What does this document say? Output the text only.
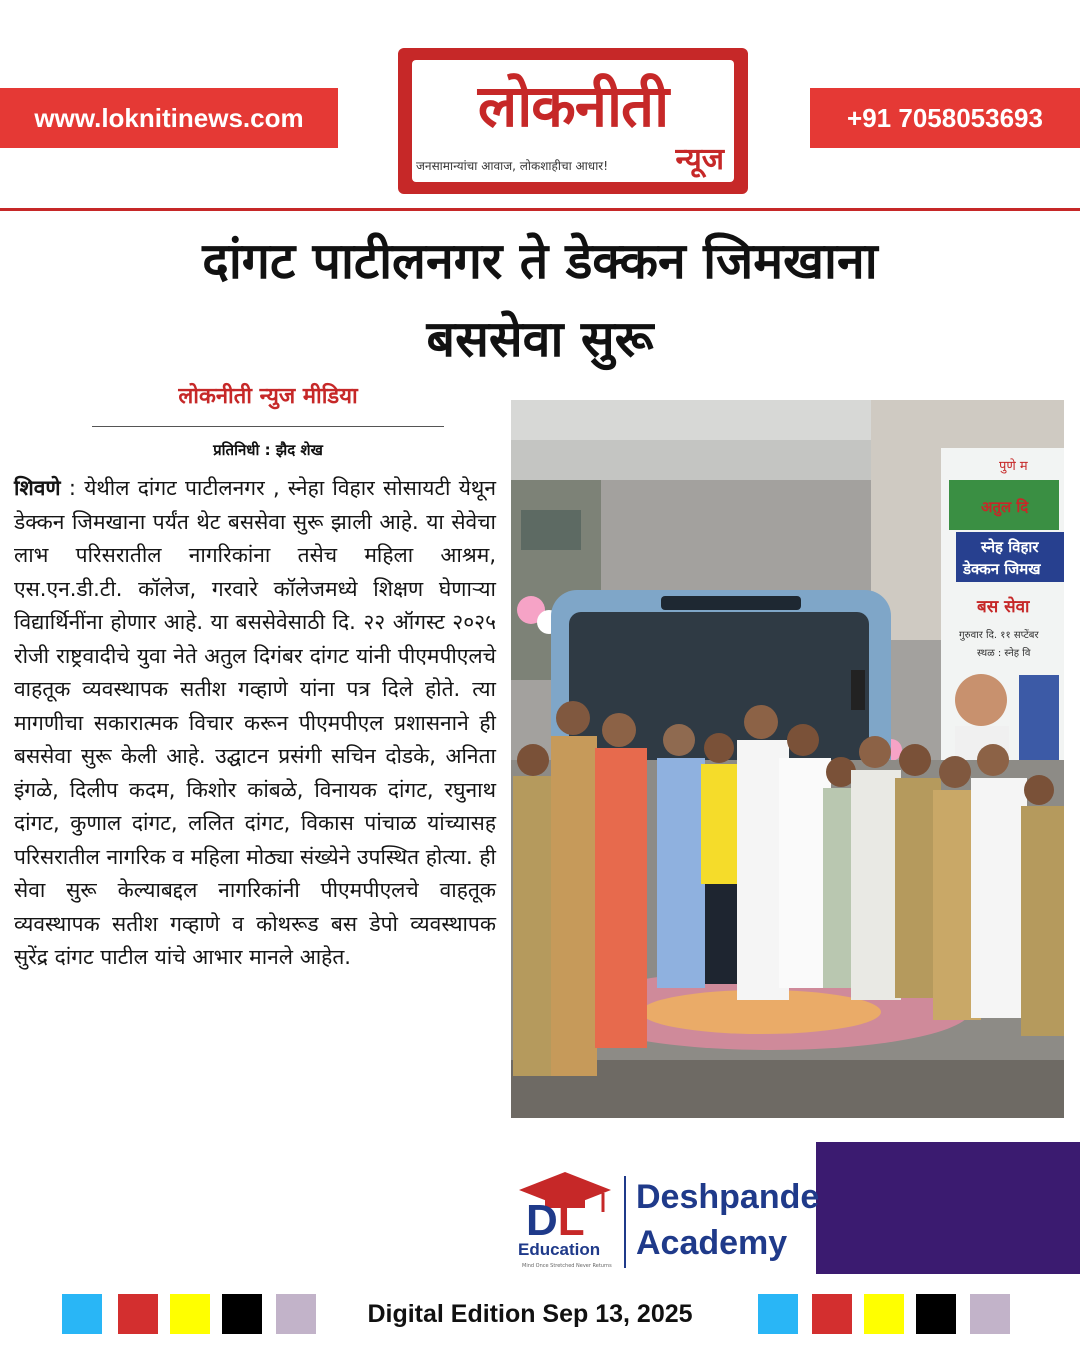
www.loknitinews.com	+91 7058053693
लोकनीती
जनसामान्यांचा आवाज, लोकशाहीचा आधार! न्यूज
दांगट पाटीलनगर ते डेक्कन जिमखाना
बससेवा सुरू
लोकनीती न्युज मीडिया
प्रतिनिधी : झैद शेख
शिवणे : येथील दांगट पाटीलनगर , स्नेहा विहार सोसायटी येथून डेक्कन जिमखाना पर्यंत थेट बससेवा सुरू झाली आहे. या सेवेचा लाभ परिसरातील नागरिकांना तसेच महिला आश्रम, एस.एन.डी.टी. कॉलेज, गरवारे कॉलेजमध्ये शिक्षण घेणाऱ्या विद्यार्थिनींना होणार आहे. या बससेवेसाठी दि. २२ ऑगस्ट २०२५ रोजी राष्ट्रवादीचे युवा नेते अतुल दिगंबर दांगट यांनी पीएमपीएलचे वाहतूक व्यवस्थापक सतीश गव्हाणे यांना पत्र दिले होते. त्या मागणीचा सकारात्मक विचार करून पीएमपीएल प्रशासनाने ही बससेवा सुरू केली आहे. उद्घाटन प्रसंगी सचिन दोडके, अनिता इंगळे, दिलीप कदम, किशोर कांबळे, विनायक दांगट, रघुनाथ दांगट, कुणाल दांगट, ललित दांगट, विकास पांचाळ यांच्यासह परिसरातील नागरिक व महिला मोठ्या संख्येने उपस्थित होत्या. ही सेवा सुरू केल्याबद्दल नागरिकांनी पीएमपीएलचे वाहतूक व्यवस्थापक सतीश गव्हाणे व कोथरूड बस डेपो व्यवस्थापक सुरेंद्र दांगट पाटील यांचे आभार मानले आहेत.
पुणे म
अतुल दि
स्नेह विहार
डेक्कन जिमख
बस सेवा
गुरुवार दि. ११ सप्टेंबर
स्थळ : स्नेह वि
DL
Education
Mind Once Stretched Never Returns
Deshpande
Academy
Digital Edition Sep 13, 2025
